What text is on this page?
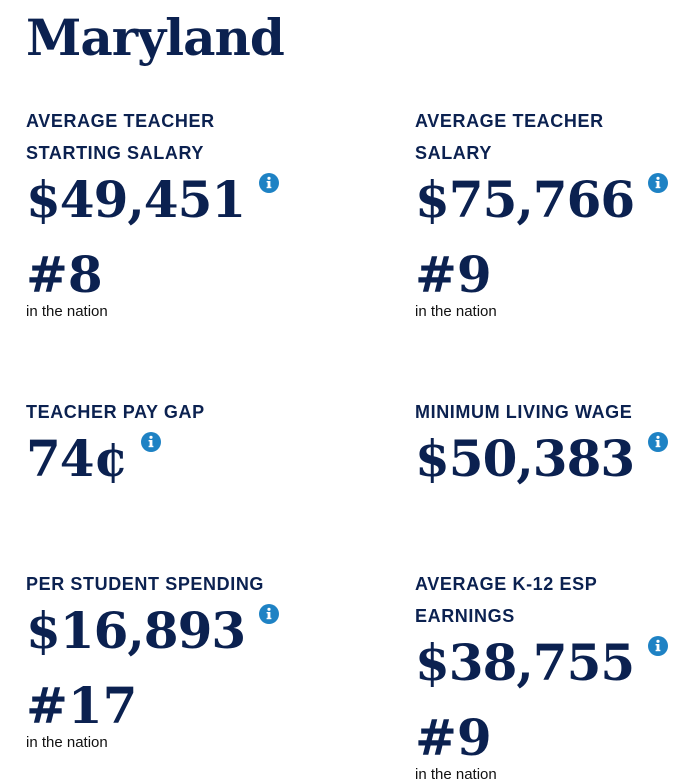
Maryland
AVERAGE TEACHER STARTING SALARY
$49,451
#8
in the nation
AVERAGE TEACHER SALARY
$75,766
#9
in the nation
TEACHER PAY GAP
74¢
MINIMUM LIVING WAGE
$50,383
PER STUDENT SPENDING
$16,893
#17
in the nation
AVERAGE K-12 ESP EARNINGS
$38,755
#9
in the nation
